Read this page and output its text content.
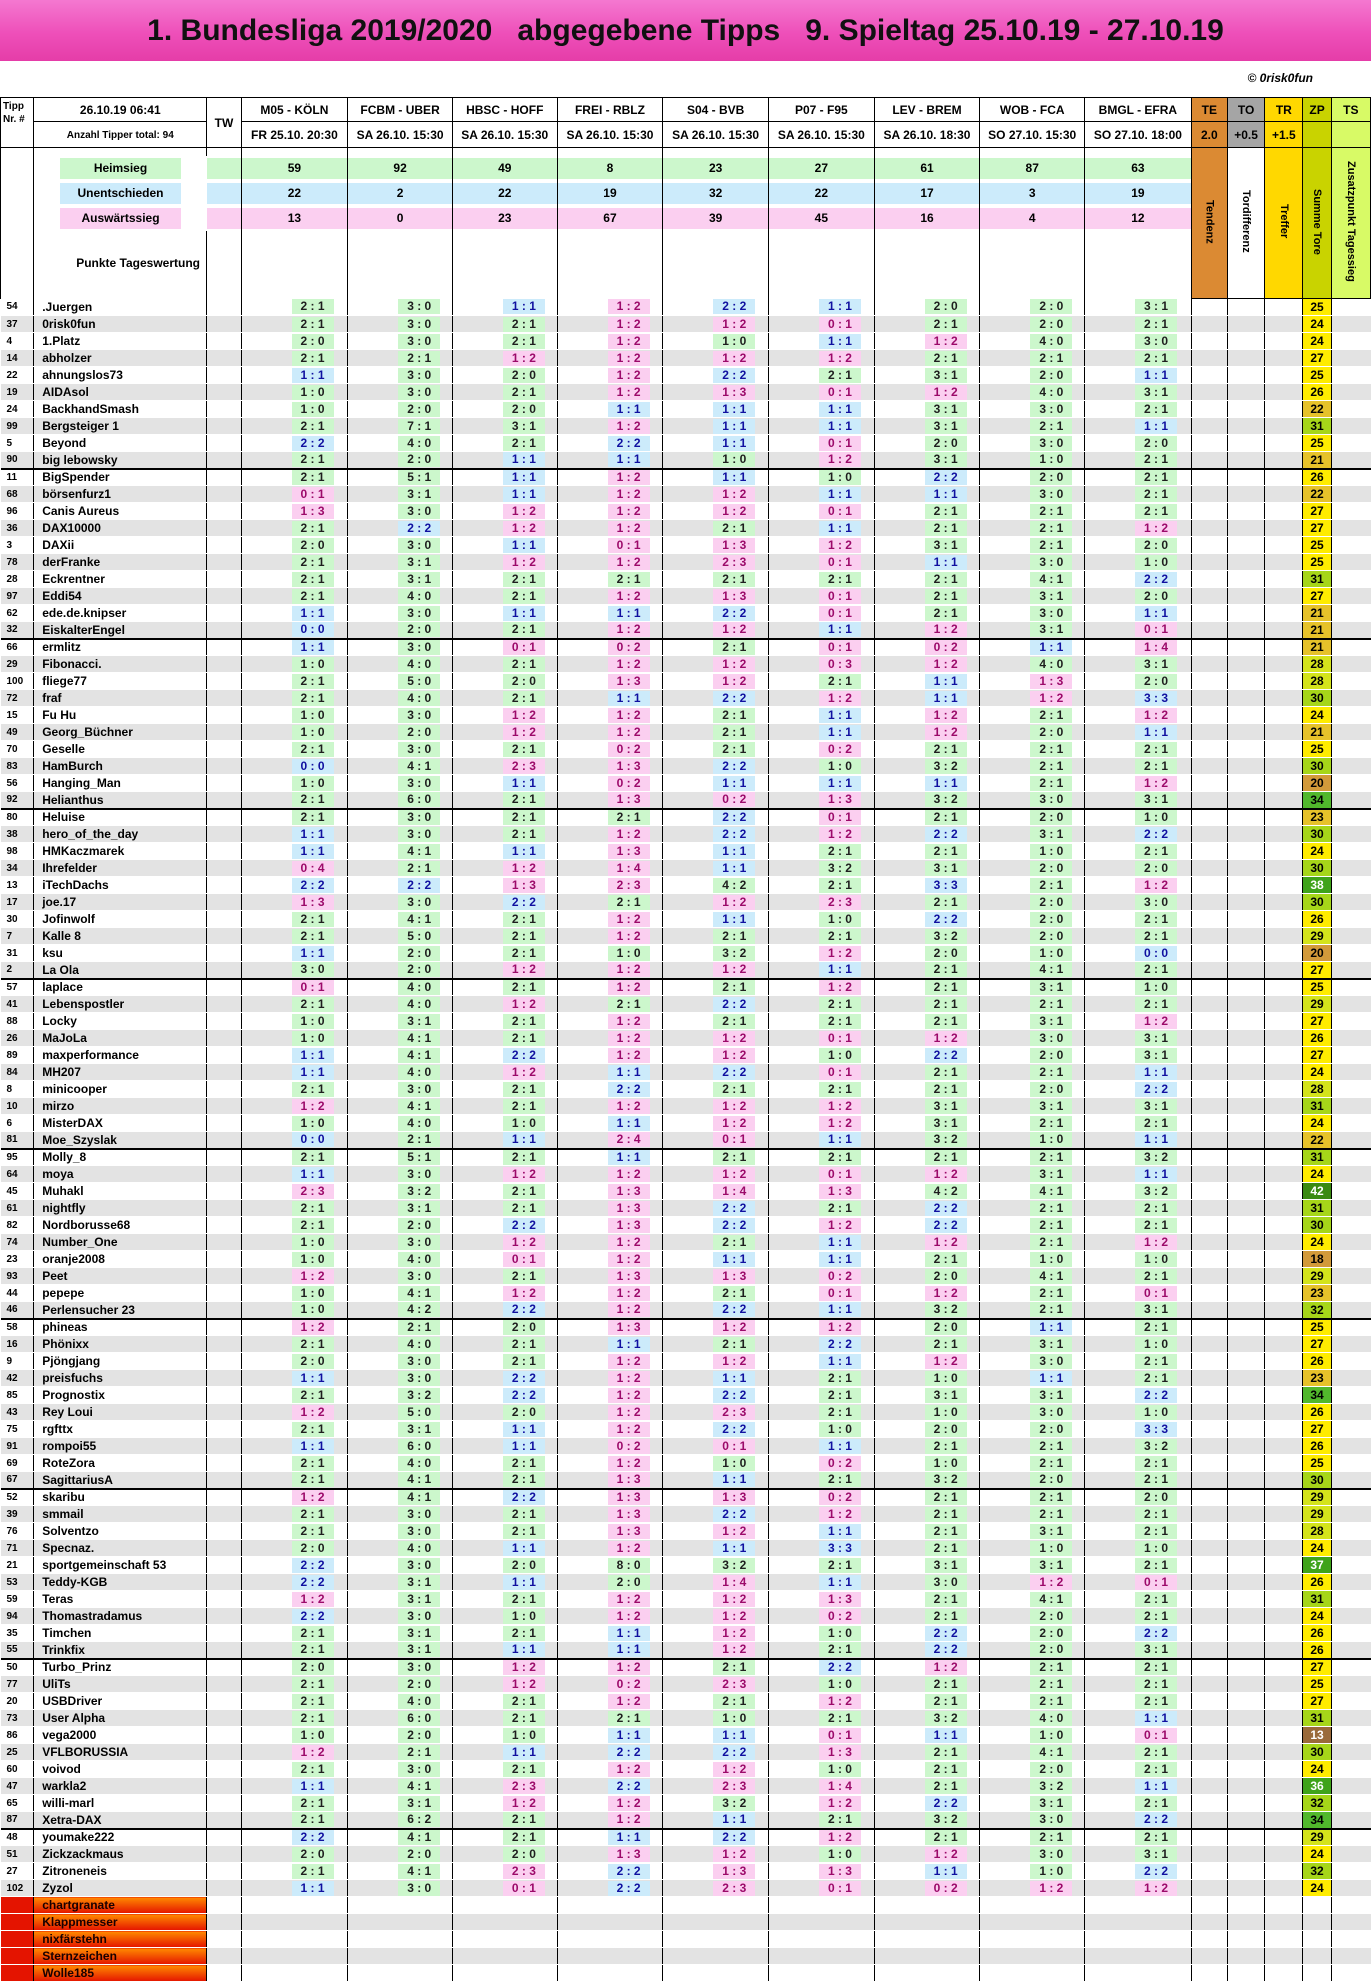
1. Bundesliga 2019/2020   abgegebene Tipps   9. Spieltag 25.10.19 - 27.10.19
© 0risk0fun
Tipp
Nr. #	26.10.19 06:41	TW	M05 - KÖLN	FCBM - UBER	HBSC - HOFF	FREI - RBLZ	S04 - BVB	P07 - F95	LEV - BREM	WOB - FCA	BMGL - EFRA	TE	TO	TR	ZP	TS
	Anzahl Tipper total: 94		FR 25.10. 20:30	SA 26.10. 15:30	SA 26.10. 15:30	SA 26.10. 15:30	SA 26.10. 15:30	SA 26.10. 15:30	SA 26.10. 18:30	SO 27.10. 15:30	SO 27.10. 18:00	2.0	+0.5	+1.5		
												Tendenz	Tordifferenz	Treffer	Summe Tore	Zusatzpunkt Tagessieg

	Heimsieg		59	92	49	8	23	27	61	87	63					

	Unentschieden		22	2	22	19	32	22	17	3	19					

	Auswärtssieg		13	0	23	67	39	45	16	4	12					

	Punkte Tageswertung															

54	.Juergen		2 : 1	3 : 0	1 : 1	1 : 2	2 : 2	1 : 1	2 : 0	2 : 0	3 : 1				25	
37	0risk0fun		2 : 1	3 : 0	2 : 1	1 : 2	1 : 2	0 : 1	2 : 1	2 : 0	2 : 1				24	
4	1.Platz		2 : 0	3 : 0	2 : 1	1 : 2	1 : 0	1 : 1	1 : 2	4 : 0	3 : 0				24	
14	abholzer		2 : 1	2 : 1	1 : 2	1 : 2	1 : 2	1 : 2	2 : 1	2 : 1	2 : 1				27	
22	ahnungslos73		1 : 1	3 : 0	2 : 0	1 : 2	2 : 2	2 : 1	3 : 1	2 : 0	1 : 1				25	
19	AIDAsol		1 : 0	3 : 0	2 : 1	1 : 2	1 : 3	0 : 1	1 : 2	4 : 0	3 : 1				26	
24	BackhandSmash		1 : 0	2 : 0	2 : 0	1 : 1	1 : 1	1 : 1	3 : 1	3 : 0	2 : 1				22	
99	Bergsteiger 1		2 : 1	7 : 1	3 : 1	1 : 2	1 : 1	1 : 1	3 : 1	2 : 1	1 : 1				31	
5	Beyond		2 : 2	4 : 0	2 : 1	2 : 2	1 : 1	0 : 1	2 : 0	3 : 0	2 : 0				25	
90	big lebowsky		2 : 1	2 : 0	1 : 1	1 : 1	1 : 0	1 : 2	3 : 1	1 : 0	2 : 1				21	
11	BigSpender		2 : 1	5 : 1	1 : 1	1 : 2	1 : 1	1 : 0	2 : 2	2 : 0	2 : 1				26	
68	börsenfurz1		0 : 1	3 : 1	1 : 1	1 : 2	1 : 2	1 : 1	1 : 1	3 : 0	2 : 1				22	
96	Canis Aureus		1 : 3	3 : 0	1 : 2	1 : 2	1 : 2	0 : 1	2 : 1	2 : 1	2 : 1				27	
36	DAX10000		2 : 1	2 : 2	1 : 2	1 : 2	2 : 1	1 : 1	2 : 1	2 : 1	1 : 2				27	
3	DAXii		2 : 0	3 : 0	1 : 1	0 : 1	1 : 3	1 : 2	3 : 1	2 : 1	2 : 0				25	
78	derFranke		2 : 1	3 : 1	1 : 2	1 : 2	2 : 3	0 : 1	1 : 1	3 : 0	1 : 0				25	
28	Eckrentner		2 : 1	3 : 1	2 : 1	2 : 1	2 : 1	2 : 1	2 : 1	4 : 1	2 : 2				31	
97	Eddi54		2 : 1	4 : 0	2 : 1	1 : 2	1 : 3	0 : 1	2 : 1	3 : 1	2 : 0				27	
62	ede.de.knipser		1 : 1	3 : 0	1 : 1	1 : 1	2 : 2	0 : 1	2 : 1	3 : 0	1 : 1				21	
32	EiskalterEngel		0 : 0	2 : 0	2 : 1	1 : 2	1 : 2	1 : 1	1 : 2	3 : 1	0 : 1				21	
66	ermlitz		1 : 1	3 : 0	0 : 1	0 : 2	2 : 1	0 : 1	0 : 2	1 : 1	1 : 4				21	
29	Fibonacci.		1 : 0	4 : 0	2 : 1	1 : 2	1 : 2	0 : 3	1 : 2	4 : 0	3 : 1				28	
100	fliege77		2 : 1	5 : 0	2 : 0	1 : 3	1 : 2	2 : 1	1 : 1	1 : 3	2 : 0				28	
72	fraf		2 : 1	4 : 0	2 : 1	1 : 1	2 : 2	1 : 2	1 : 1	1 : 2	3 : 3				30	
15	Fu Hu		1 : 0	3 : 0	1 : 2	1 : 2	2 : 1	1 : 1	1 : 2	2 : 1	1 : 2				24	
49	Georg_Büchner		1 : 0	2 : 0	1 : 2	1 : 2	2 : 1	1 : 1	1 : 2	2 : 0	1 : 1				21	
70	Geselle		2 : 1	3 : 0	2 : 1	0 : 2	2 : 1	0 : 2	2 : 1	2 : 1	2 : 1				25	
83	HamBurch		0 : 0	4 : 1	2 : 3	1 : 3	2 : 2	1 : 0	3 : 2	2 : 1	2 : 1				30	
56	Hanging_Man		1 : 0	3 : 0	1 : 1	0 : 2	1 : 1	1 : 1	1 : 1	2 : 1	1 : 2				20	
92	Helianthus		2 : 1	6 : 0	2 : 1	1 : 3	0 : 2	1 : 3	3 : 2	3 : 0	3 : 1				34	
80	Heluise		2 : 1	3 : 0	2 : 1	2 : 1	2 : 2	0 : 1	2 : 1	2 : 0	1 : 0				23	
38	hero_of_the_day		1 : 1	3 : 0	2 : 1	1 : 2	2 : 2	1 : 2	2 : 2	3 : 1	2 : 2				30	
98	HMKaczmarek		1 : 1	4 : 1	1 : 1	1 : 3	1 : 1	2 : 1	2 : 1	1 : 0	2 : 1				24	
34	Ihrefelder		0 : 4	2 : 1	1 : 2	1 : 4	1 : 1	3 : 2	3 : 1	2 : 0	2 : 0				30	
13	iTechDachs		2 : 2	2 : 2	1 : 3	2 : 3	4 : 2	2 : 1	3 : 3	2 : 1	1 : 2				38	
17	joe.17		1 : 3	3 : 0	2 : 2	2 : 1	1 : 2	2 : 3	2 : 1	2 : 0	3 : 0				30	
30	Jofinwolf		2 : 1	4 : 1	2 : 1	1 : 2	1 : 1	1 : 0	2 : 2	2 : 0	2 : 1				26	
7	Kalle 8		2 : 1	5 : 0	2 : 1	1 : 2	2 : 1	2 : 1	3 : 2	2 : 0	2 : 1				29	
31	ksu		1 : 1	2 : 0	2 : 1	1 : 0	3 : 2	1 : 2	2 : 0	1 : 0	0 : 0				20	
2	La Ola		3 : 0	2 : 0	1 : 2	1 : 2	1 : 2	1 : 1	2 : 1	4 : 1	2 : 1				27	
57	laplace		0 : 1	4 : 0	2 : 1	1 : 2	2 : 1	1 : 2	2 : 1	3 : 1	1 : 0				25	
41	Lebenspostler		2 : 1	4 : 0	1 : 2	2 : 1	2 : 2	2 : 1	2 : 1	2 : 1	2 : 1				29	
88	Locky		1 : 0	3 : 1	2 : 1	1 : 2	2 : 1	2 : 1	2 : 1	3 : 1	1 : 2				27	
26	MaJoLa		1 : 0	4 : 1	2 : 1	1 : 2	1 : 2	0 : 1	1 : 2	3 : 0	3 : 1				26	
89	maxperformance		1 : 1	4 : 1	2 : 2	1 : 2	1 : 2	1 : 0	2 : 2	2 : 0	3 : 1				27	
84	MH207		1 : 1	4 : 0	1 : 2	1 : 1	2 : 2	0 : 1	2 : 1	2 : 1	1 : 1				24	
8	minicooper		2 : 1	3 : 0	2 : 1	2 : 2	2 : 1	2 : 1	2 : 1	2 : 0	2 : 2				28	
10	mirzo		1 : 2	4 : 1	2 : 1	1 : 2	1 : 2	1 : 2	3 : 1	3 : 1	3 : 1				31	
6	MisterDAX		1 : 0	4 : 0	1 : 0	1 : 1	1 : 2	1 : 2	3 : 1	2 : 1	2 : 1				24	
81	Moe_Szyslak		0 : 0	2 : 1	1 : 1	2 : 4	0 : 1	1 : 1	3 : 2	1 : 0	1 : 1				22	
95	Molly_8		2 : 1	5 : 1	2 : 1	1 : 1	2 : 1	2 : 1	2 : 1	2 : 1	3 : 2				31	
64	moya		1 : 1	3 : 0	1 : 2	1 : 2	1 : 2	0 : 1	1 : 2	3 : 1	1 : 1				24	
45	Muhakl		2 : 3	3 : 2	2 : 1	1 : 3	1 : 4	1 : 3	4 : 2	4 : 1	3 : 2				42	
61	nightfly		2 : 1	3 : 1	2 : 1	1 : 3	2 : 2	2 : 1	2 : 2	2 : 1	2 : 1				31	
82	Nordborusse68		2 : 1	2 : 0	2 : 2	1 : 3	2 : 2	1 : 2	2 : 2	2 : 1	2 : 1				30	
74	Number_One		1 : 0	3 : 0	1 : 2	1 : 2	2 : 1	1 : 1	1 : 2	2 : 1	1 : 2				24	
23	oranje2008		1 : 0	4 : 0	0 : 1	1 : 2	1 : 1	1 : 1	2 : 1	1 : 0	1 : 0				18	
93	Peet		1 : 2	3 : 0	2 : 1	1 : 3	1 : 3	0 : 2	2 : 0	4 : 1	2 : 1				29	
44	pepepe		1 : 0	4 : 1	1 : 2	1 : 2	2 : 1	0 : 1	1 : 2	2 : 1	0 : 1				23	
46	Perlensucher 23		1 : 0	4 : 2	2 : 2	1 : 2	2 : 2	1 : 1	3 : 2	2 : 1	3 : 1				32	
58	phineas		1 : 2	2 : 1	2 : 0	1 : 3	1 : 2	1 : 2	2 : 0	1 : 1	2 : 1				25	
16	Phönixx		2 : 1	4 : 0	2 : 1	1 : 1	2 : 1	2 : 2	2 : 1	3 : 1	1 : 0				27	
9	Pjöngjang		2 : 0	3 : 0	2 : 1	1 : 2	1 : 2	1 : 1	1 : 2	3 : 0	2 : 1				26	
42	preisfuchs		1 : 1	3 : 0	2 : 2	1 : 2	1 : 1	2 : 1	1 : 0	1 : 1	2 : 1				23	
85	Prognostix		2 : 1	3 : 2	2 : 2	1 : 2	2 : 2	2 : 1	3 : 1	3 : 1	2 : 2				34	
43	Rey Loui		1 : 2	5 : 0	2 : 0	1 : 2	2 : 3	2 : 1	1 : 0	3 : 0	1 : 0				26	
75	rgfttx		2 : 1	3 : 1	1 : 1	1 : 2	2 : 2	1 : 0	2 : 0	2 : 0	3 : 3				27	
91	rompoi55		1 : 1	6 : 0	1 : 1	0 : 2	0 : 1	1 : 1	2 : 1	2 : 1	3 : 2				26	
69	RoteZora		2 : 1	4 : 0	2 : 1	1 : 2	1 : 0	0 : 2	1 : 0	2 : 1	2 : 1				25	
67	SagittariusA		2 : 1	4 : 1	2 : 1	1 : 3	1 : 1	2 : 1	3 : 2	2 : 0	2 : 1				30	
52	skaribu		1 : 2	4 : 1	2 : 2	1 : 3	1 : 3	0 : 2	2 : 1	2 : 1	2 : 0				29	
39	smmail		2 : 1	3 : 0	2 : 1	1 : 3	2 : 2	1 : 2	2 : 1	2 : 1	2 : 1				29	
76	Solventzo		2 : 1	3 : 0	2 : 1	1 : 3	1 : 2	1 : 1	2 : 1	3 : 1	2 : 1				28	
71	Specnaz.		2 : 0	4 : 0	1 : 1	1 : 2	1 : 1	3 : 3	2 : 1	1 : 0	1 : 0				24	
21	sportgemeinschaft 53		2 : 2	3 : 0	2 : 0	8 : 0	3 : 2	2 : 1	3 : 1	3 : 1	2 : 1				37	
53	Teddy-KGB		2 : 2	3 : 1	1 : 1	2 : 0	1 : 4	1 : 1	3 : 0	1 : 2	0 : 1				26	
59	Teras		1 : 2	3 : 1	2 : 1	1 : 2	1 : 2	1 : 3	2 : 1	4 : 1	2 : 1				31	
94	Thomastradamus		2 : 2	3 : 0	1 : 0	1 : 2	1 : 2	0 : 2	2 : 1	2 : 0	2 : 1				24	
35	Timchen		2 : 1	3 : 1	2 : 1	1 : 1	1 : 2	1 : 0	2 : 2	2 : 0	2 : 2				26	
55	Trinkfix		2 : 1	3 : 1	1 : 1	1 : 1	1 : 2	2 : 1	2 : 2	2 : 0	3 : 1				26	
50	Turbo_Prinz		2 : 0	3 : 0	1 : 2	1 : 2	2 : 1	2 : 2	1 : 2	2 : 1	2 : 1				27	
77	UliTs		2 : 1	2 : 0	1 : 2	0 : 2	2 : 3	1 : 0	2 : 1	2 : 1	2 : 1				25	
20	USBDriver		2 : 1	4 : 0	2 : 1	1 : 2	2 : 1	1 : 2	2 : 1	2 : 1	2 : 1				27	
73	User Alpha		2 : 1	6 : 0	2 : 1	2 : 1	1 : 0	2 : 1	3 : 2	4 : 0	1 : 1				31	
86	vega2000		1 : 0	2 : 0	1 : 0	1 : 1	1 : 1	0 : 1	1 : 1	1 : 0	0 : 1				13	
25	VFLBORUSSIA		1 : 2	2 : 1	1 : 1	2 : 2	2 : 2	1 : 3	2 : 1	4 : 1	2 : 1				30	
60	voivod		2 : 1	3 : 0	2 : 1	1 : 2	1 : 2	1 : 0	2 : 1	2 : 0	2 : 1				24	
47	warkla2		1 : 1	4 : 1	2 : 3	2 : 2	2 : 3	1 : 4	2 : 1	3 : 2	1 : 1				36	
65	willi-marl		2 : 1	3 : 1	1 : 2	1 : 2	3 : 2	1 : 2	2 : 2	3 : 1	2 : 1				32	
87	Xetra-DAX		2 : 1	6 : 2	2 : 1	1 : 2	1 : 1	2 : 1	3 : 2	3 : 0	2 : 2				34	
48	youmake222		2 : 2	4 : 1	2 : 1	1 : 1	2 : 2	1 : 2	2 : 1	2 : 1	2 : 1				29	
51	Zickzackmaus		2 : 0	2 : 0	2 : 0	1 : 3	1 : 2	1 : 0	1 : 2	3 : 0	3 : 1				24	
27	Zitroneneis		2 : 1	4 : 1	2 : 3	2 : 2	1 : 3	1 : 3	1 : 1	1 : 0	2 : 2				32	
102	Zyzol		1 : 1	3 : 0	0 : 1	2 : 2	2 : 3	0 : 1	0 : 2	1 : 2	1 : 2				24	
	chartgranate															
	Klappmesser															
	nixfärstehn															
	Sternzeichen															
	Wolle185															
